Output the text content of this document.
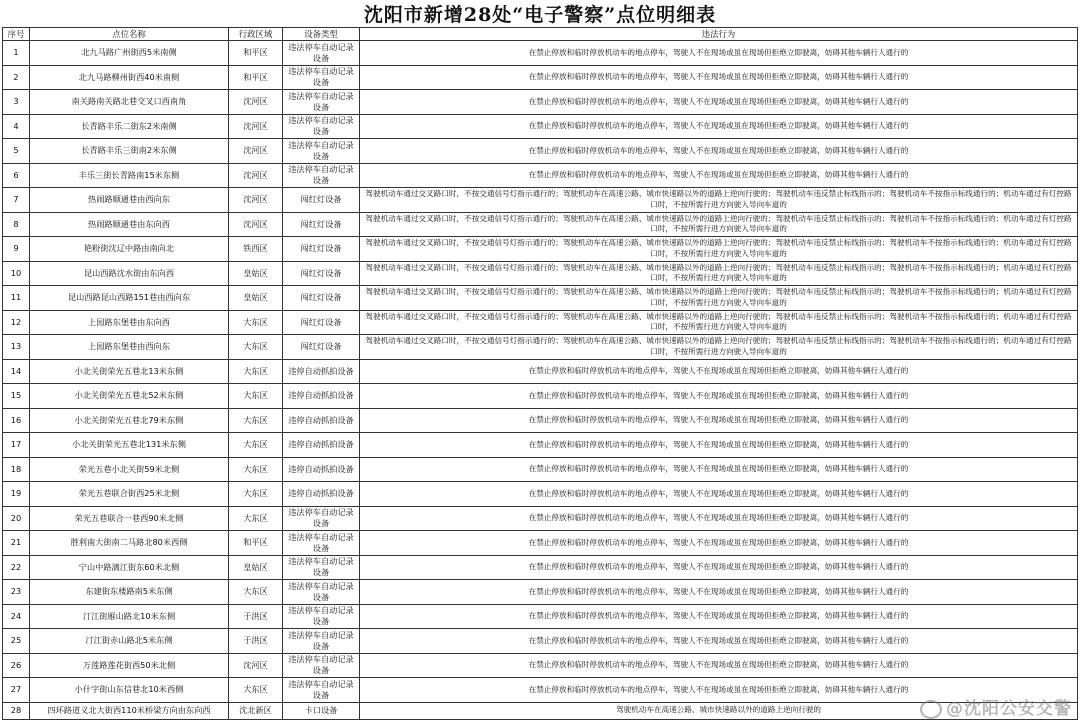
沈阳市新增28处“电子警察”点位明细表
序号	点位名称	行政区域	设备类型	违法行为
1	北九马路广州街西5米南侧	和平区	违法停车自动记录设备	在禁止停放和临时停放机动车的地点停车，驾驶人不在现场或虽在现场但拒绝立即驶离，妨碍其他车辆行人通行的
2	北九马路柳州街西40米南侧	和平区	违法停车自动记录设备	在禁止停放和临时停放机动车的地点停车，驾驶人不在现场或虽在现场但拒绝立即驶离，妨碍其他车辆行人通行的
3	南关路南关路北巷交叉口西南角	沈河区	违法停车自动记录设备	在禁止停放和临时停放机动车的地点停车，驾驶人不在现场或虽在现场但拒绝立即驶离，妨碍其他车辆行人通行的
4	长青路丰乐二街东2米南侧	沈河区	违法停车自动记录设备	在禁止停放和临时停放机动车的地点停车，驾驶人不在现场或虽在现场但拒绝立即驶离，妨碍其他车辆行人通行的
5	长青路丰乐三街南2米东侧	沈河区	违法停车自动记录设备	在禁止停放和临时停放机动车的地点停车，驾驶人不在现场或虽在现场但拒绝立即驶离，妨碍其他车辆行人通行的
6	丰乐三街长青路南15米东侧	沈河区	违法停车自动记录设备	在禁止停放和临时停放机动车的地点停车，驾驶人不在现场或虽在现场但拒绝立即驶离，妨碍其他车辆行人通行的
7	热闹路顺通巷由西向东	沈河区	闯红灯设备	驾驶机动车通过交叉路口时，不按交通信号灯指示通行的；驾驶机动车在高速公路、城市快速路以外的道路上逆向行驶的；驾驶机动车违反禁止标线指示的；驾驶机动车不按指示标线通行的；机动车通过有灯控路口时，不按所需行进方向驶入导向车道的
8	热闹路顺通巷由东向西	沈河区	闯红灯设备	驾驶机动车通过交叉路口时，不按交通信号灯指示通行的；驾驶机动车在高速公路、城市快速路以外的道路上逆向行驶的；驾驶机动车违反禁止标线指示的；驾驶机动车不按指示标线通行的；机动车通过有灯控路口时，不按所需行进方向驶入导向车道的
9	艳粉街沈辽中路由南向北	铁西区	闯红灯设备	驾驶机动车通过交叉路口时，不按交通信号灯指示通行的；驾驶机动车在高速公路、城市快速路以外的道路上逆向行驶的；驾驶机动车违反禁止标线指示的；驾驶机动车不按指示标线通行的；机动车通过有灯控路口时，不按所需行进方向驶入导向车道的
10	昆山西路沈水街由东向西	皇姑区	闯红灯设备	驾驶机动车通过交叉路口时，不按交通信号灯指示通行的；驾驶机动车在高速公路、城市快速路以外的道路上逆向行驶的；驾驶机动车违反禁止标线指示的；驾驶机动车不按指示标线通行的；机动车通过有灯控路口时，不按所需行进方向驶入导向车道的
11	昆山西路昆山西路151巷由西向东	皇姑区	闯红灯设备	驾驶机动车通过交叉路口时，不按交通信号灯指示通行的；驾驶机动车在高速公路、城市快速路以外的道路上逆向行驶的；驾驶机动车违反禁止标线指示的；驾驶机动车不按指示标线通行的；机动车通过有灯控路口时，不按所需行进方向驶入导向车道的
12	上园路东堡巷由东向西	大东区	闯红灯设备	驾驶机动车通过交叉路口时，不按交通信号灯指示通行的；驾驶机动车在高速公路、城市快速路以外的道路上逆向行驶的；驾驶机动车违反禁止标线指示的；驾驶机动车不按指示标线通行的；机动车通过有灯控路口时，不按所需行进方向驶入导向车道的
13	上园路东堡巷由西向东	大东区	闯红灯设备	驾驶机动车通过交叉路口时，不按交通信号灯指示通行的；驾驶机动车在高速公路、城市快速路以外的道路上逆向行驶的；驾驶机动车违反禁止标线指示的；驾驶机动车不按指示标线通行的；机动车通过有灯控路口时，不按所需行进方向驶入导向车道的
14	小北关街荣光五巷北13米东侧	大东区	违停自动抓拍设备	在禁止停放和临时停放机动车的地点停车，驾驶人不在现场或虽在现场但拒绝立即驶离，妨碍其他车辆行人通行的
15	小北关街荣光五巷北52米东侧	大东区	违停自动抓拍设备	在禁止停放和临时停放机动车的地点停车，驾驶人不在现场或虽在现场但拒绝立即驶离，妨碍其他车辆行人通行的
16	小北关街荣光五巷北79米东侧	大东区	违停自动抓拍设备	在禁止停放和临时停放机动车的地点停车，驾驶人不在现场或虽在现场但拒绝立即驶离，妨碍其他车辆行人通行的
17	小北关街荣光五巷北131米东侧	大东区	违停自动抓拍设备	在禁止停放和临时停放机动车的地点停车，驾驶人不在现场或虽在现场但拒绝立即驶离，妨碍其他车辆行人通行的
18	荣光五巷小北关街59米北侧	大东区	违停自动抓拍设备	在禁止停放和临时停放机动车的地点停车，驾驶人不在现场或虽在现场但拒绝立即驶离，妨碍其他车辆行人通行的
19	荣光五巷联合街西25米北侧	大东区	违停自动抓拍设备	在禁止停放和临时停放机动车的地点停车，驾驶人不在现场或虽在现场但拒绝立即驶离，妨碍其他车辆行人通行的
20	荣光五巷联合一巷西90米北侧	大东区	违法停车自动记录设备	在禁止停放和临时停放机动车的地点停车，驾驶人不在现场或虽在现场但拒绝立即驶离，妨碍其他车辆行人通行的
21	胜利南大街南二马路北80米西侧	和平区	违法停车自动记录设备	在禁止停放和临时停放机动车的地点停车，驾驶人不在现场或虽在现场但拒绝立即驶离，妨碍其他车辆行人通行的
22	宁山中路漓江街东60米北侧	皇姑区	违法停车自动记录设备	在禁止停放和临时停放机动车的地点停车，驾驶人不在现场或虽在现场但拒绝立即驶离，妨碍其他车辆行人通行的
23	东建街东楼路南5米东侧	大东区	违法停车自动记录设备	在禁止停放和临时停放机动车的地点停车，驾驶人不在现场或虽在现场但拒绝立即驶离，妨碍其他车辆行人通行的
24	汀江街雁山路北10米东侧	于洪区	违法停车自动记录设备	在禁止停放和临时停放机动车的地点停车，驾驶人不在现场或虽在现场但拒绝立即驶离，妨碍其他车辆行人通行的
25	汀江街赤山路北5米东侧	于洪区	违法停车自动记录设备	在禁止停放和临时停放机动车的地点停车，驾驶人不在现场或虽在现场但拒绝立即驶离，妨碍其他车辆行人通行的
26	万莲路莲花街西50米北侧	沈河区	违法停车自动记录设备	在禁止停放和临时停放机动车的地点停车，驾驶人不在现场或虽在现场但拒绝立即驶离，妨碍其他车辆行人通行的
27	小什字街山东信巷北10米西侧	大东区	违法停车自动记录设备	在禁止停放和临时停放机动车的地点停车，驾驶人不在现场或虽在现场但拒绝立即驶离，妨碍其他车辆行人通行的
28	四环路道义北大街西110米桥梁方向由东向西	沈北新区	卡口设备	驾驶机动车在高速公路、城市快速路以外的道路上逆向行驶的	@沈阳公安交警
